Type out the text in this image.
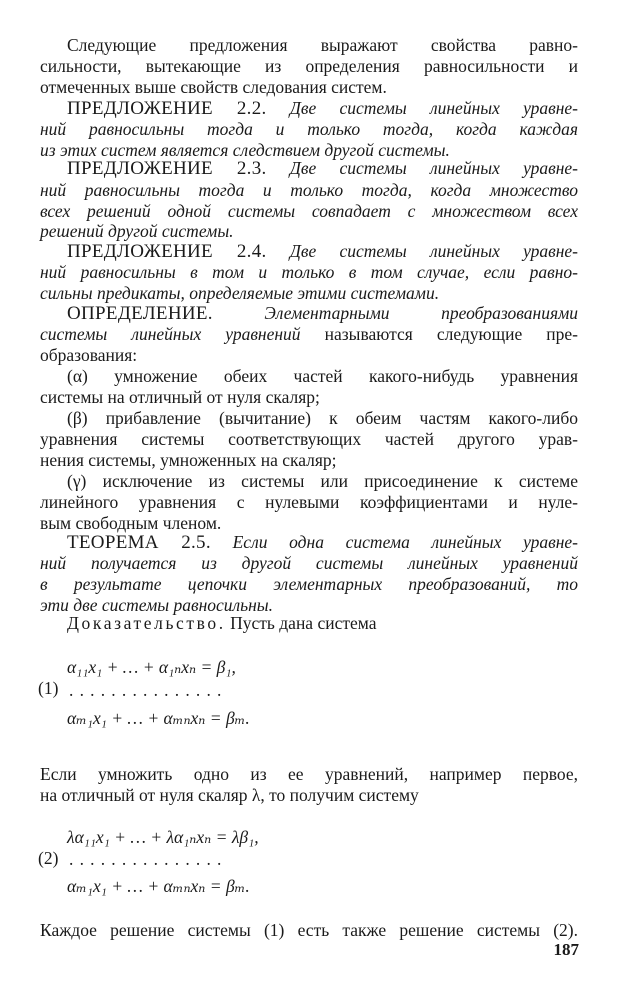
Следующие предложения выражают свойства равно-
сильности, вытекающие из определения равносильности и
отмеченных выше свойств следования систем.
ПРЕДЛОЖЕНИЕ 2.2. Две системы линейных уравне-
ний равносильны тогда и только тогда, когда каждая
из этих систем является следствием другой системы.
ПРЕДЛОЖЕНИЕ 2.3. Две системы линейных уравне-
ний равносильны тогда и только тогда, когда множество
всех решений одной системы совпадает с множеством всех
решений другой системы.
ПРЕДЛОЖЕНИЕ 2.4. Две системы линейных уравне-
ний равносильны в том и только в том случае, если равно-
сильны предикаты, определяемые этими системами.
ОПРЕДЕЛЕНИЕ.	Элементарными преобразованиями
системы линейных уравнений называются следующие пре-
образования:
(α) умножение обеих частей какого-нибудь уравнения
системы на отличный от нуля скаляр;
(β) прибавление (вычитание) к обеим частям какого-либо
уравнения системы соответствующих частей другого урав-
нения системы, умноженных на скаляр;
(γ) исключение из системы или присоединение к системе
линейного уравнения с нулевыми коэффициентами и нуле-
вым свободным членом.
ТЕОРЕМА 2.5. Если одна система линейных уравне-
ний получается из другой системы линейных уравнений
в результате цепочки элементарных преобразований, то
эти две системы равносильны.
Доказательство. Пусть дана система
α₁₁x₁ + … + α₁ₙxₙ = β₁,
(1) ...............
αₘ₁x₁ + … + αₘₙxₙ = βₘ.
Если умножить одно из ее уравнений, например первое,
на отличный от нуля скаляр λ, то получим систему
λα₁₁x₁ + … + λα₁ₙxₙ = λβ₁,
(2) ...............
αₘ₁x₁ + … + αₘₙxₙ = βₘ.
Каждое решение системы (1) есть также решение системы (2).
187
